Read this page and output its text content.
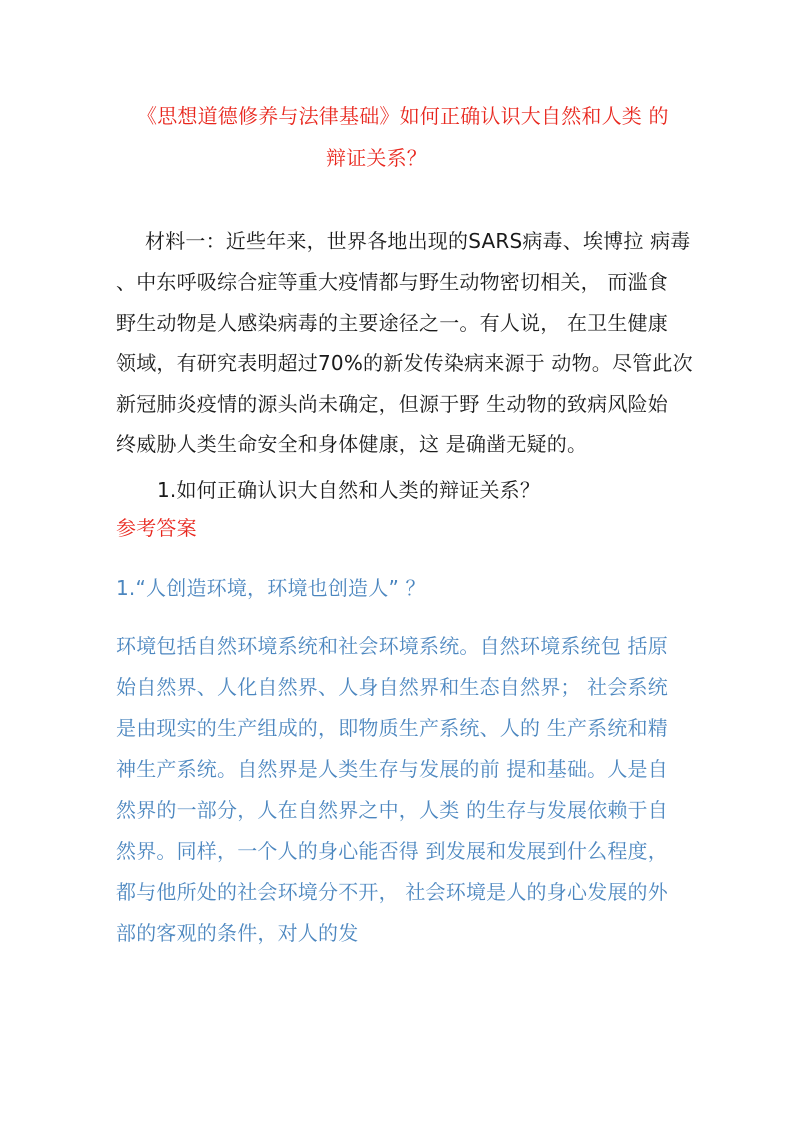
《思想道德修养与法律基础》如何正确认识大自然和人类 的
辩证关系？
材料一：近些年来，世界各地出现的SARS病毒、埃博拉 病毒
、中东呼吸综合症等重大疫情都与野生动物密切相关， 而滥食
野生动物是人感染病毒的主要途径之一。有人说， 在卫生健康
领域，有研究表明超过70%的新发传染病来源于 动物。尽管此次
新冠肺炎疫情的源头尚未确定，但源于野 生动物的致病风险始
终威胁人类生命安全和身体健康，这 是确凿无疑的。
1.如何正确认识大自然和人类的辩证关系？
参考答案
1.“人创造环境，环境也创造人” ？
环境包括自然环境系统和社会环境系统。自然环境系统包 括原
始自然界、人化自然界、人身自然界和生态自然界； 社会系统
是由现实的生产组成的，即物质生产系统、人的 生产系统和精
神生产系统。自然界是人类生存与发展的前 提和基础。人是自
然界的一部分，人在自然界之中，人类 的生存与发展依赖于自
然界。同样，一个人的身心能否得 到发展和发展到什么程度，
都与他所处的社会环境分不开， 社会环境是人的身心发展的外
部的客观的条件，对人的发
